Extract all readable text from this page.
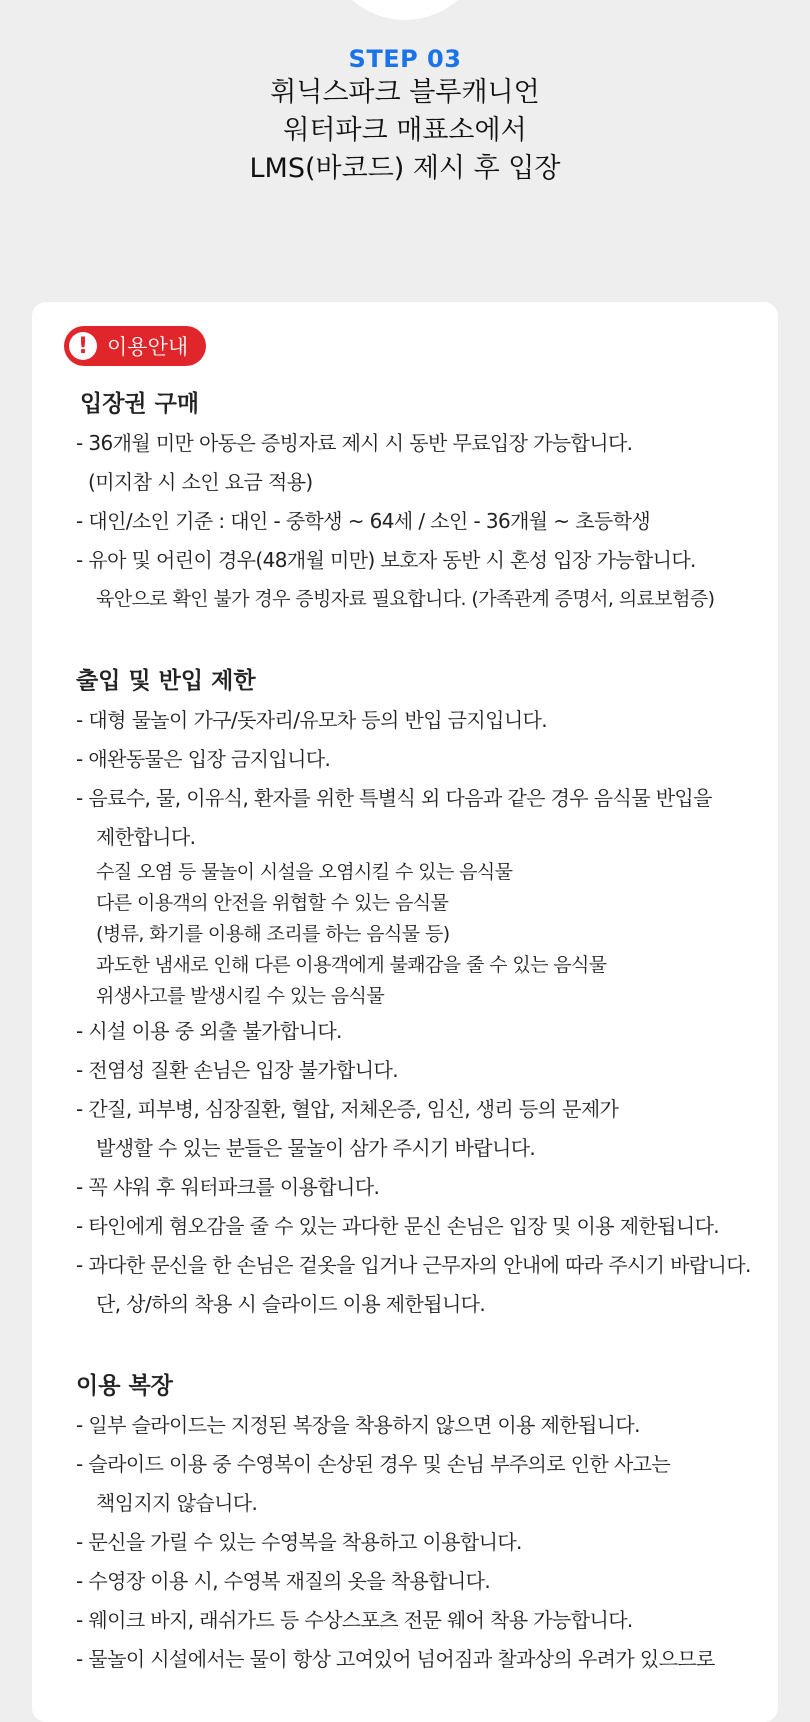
STEP 03
휘닉스파크 블루캐니언
워터파크 매표소에서
LMS(바코드) 제시 후 입장
! 이용안내
입장권 구매
- 36개월 미만 아동은 증빙자료 제시 시 동반 무료입장 가능합니다.
(미지참 시 소인 요금 적용)
- 대인/소인 기준 : 대인 - 중학생 ~ 64세 / 소인 - 36개월 ~ 초등학생
- 유아 및 어린이 경우(48개월 미만) 보호자 동반 시 혼성 입장 가능합니다.
육안으로 확인 불가 경우 증빙자료 필요합니다. (가족관계 증명서, 의료보험증)
출입 및 반입 제한
- 대형 물놀이 가구/돗자리/유모차 등의 반입 금지입니다.
- 애완동물은 입장 금지입니다.
- 음료수, 물, 이유식, 환자를 위한 특별식 외 다음과 같은 경우 음식물 반입을
제한합니다.
수질 오염 등 물놀이 시설을 오염시킬 수 있는 음식물
다른 이용객의 안전을 위협할 수 있는 음식물
(병류, 화기를 이용해 조리를 하는 음식물 등)
과도한 냄새로 인해 다른 이용객에게 불쾌감을 줄 수 있는 음식물
위생사고를 발생시킬 수 있는 음식물
- 시설 이용 중 외출 불가합니다.
- 전염성 질환 손님은 입장 불가합니다.
- 간질, 피부병, 심장질환, 혈압, 저체온증, 임신, 생리 등의 문제가
발생할 수 있는 분들은 물놀이 삼가 주시기 바랍니다.
- 꼭 샤워 후 워터파크를 이용합니다.
- 타인에게 혐오감을 줄 수 있는 과다한 문신 손님은 입장 및 이용 제한됩니다.
- 과다한 문신을 한 손님은 겉옷을 입거나 근무자의 안내에 따라 주시기 바랍니다.
단, 상/하의 착용 시 슬라이드 이용 제한됩니다.
이용 복장
- 일부 슬라이드는 지정된 복장을 착용하지 않으면 이용 제한됩니다.
- 슬라이드 이용 중 수영복이 손상된 경우 및 손님 부주의로 인한 사고는
책임지지 않습니다.
- 문신을 가릴 수 있는 수영복을 착용하고 이용합니다.
- 수영장 이용 시, 수영복 재질의 옷을 착용합니다.
- 웨이크 바지, 래쉬가드 등 수상스포츠 전문 웨어 착용 가능합니다.
- 물놀이 시설에서는 물이 항상 고여있어 넘어짐과 찰과상의 우려가 있으므로
